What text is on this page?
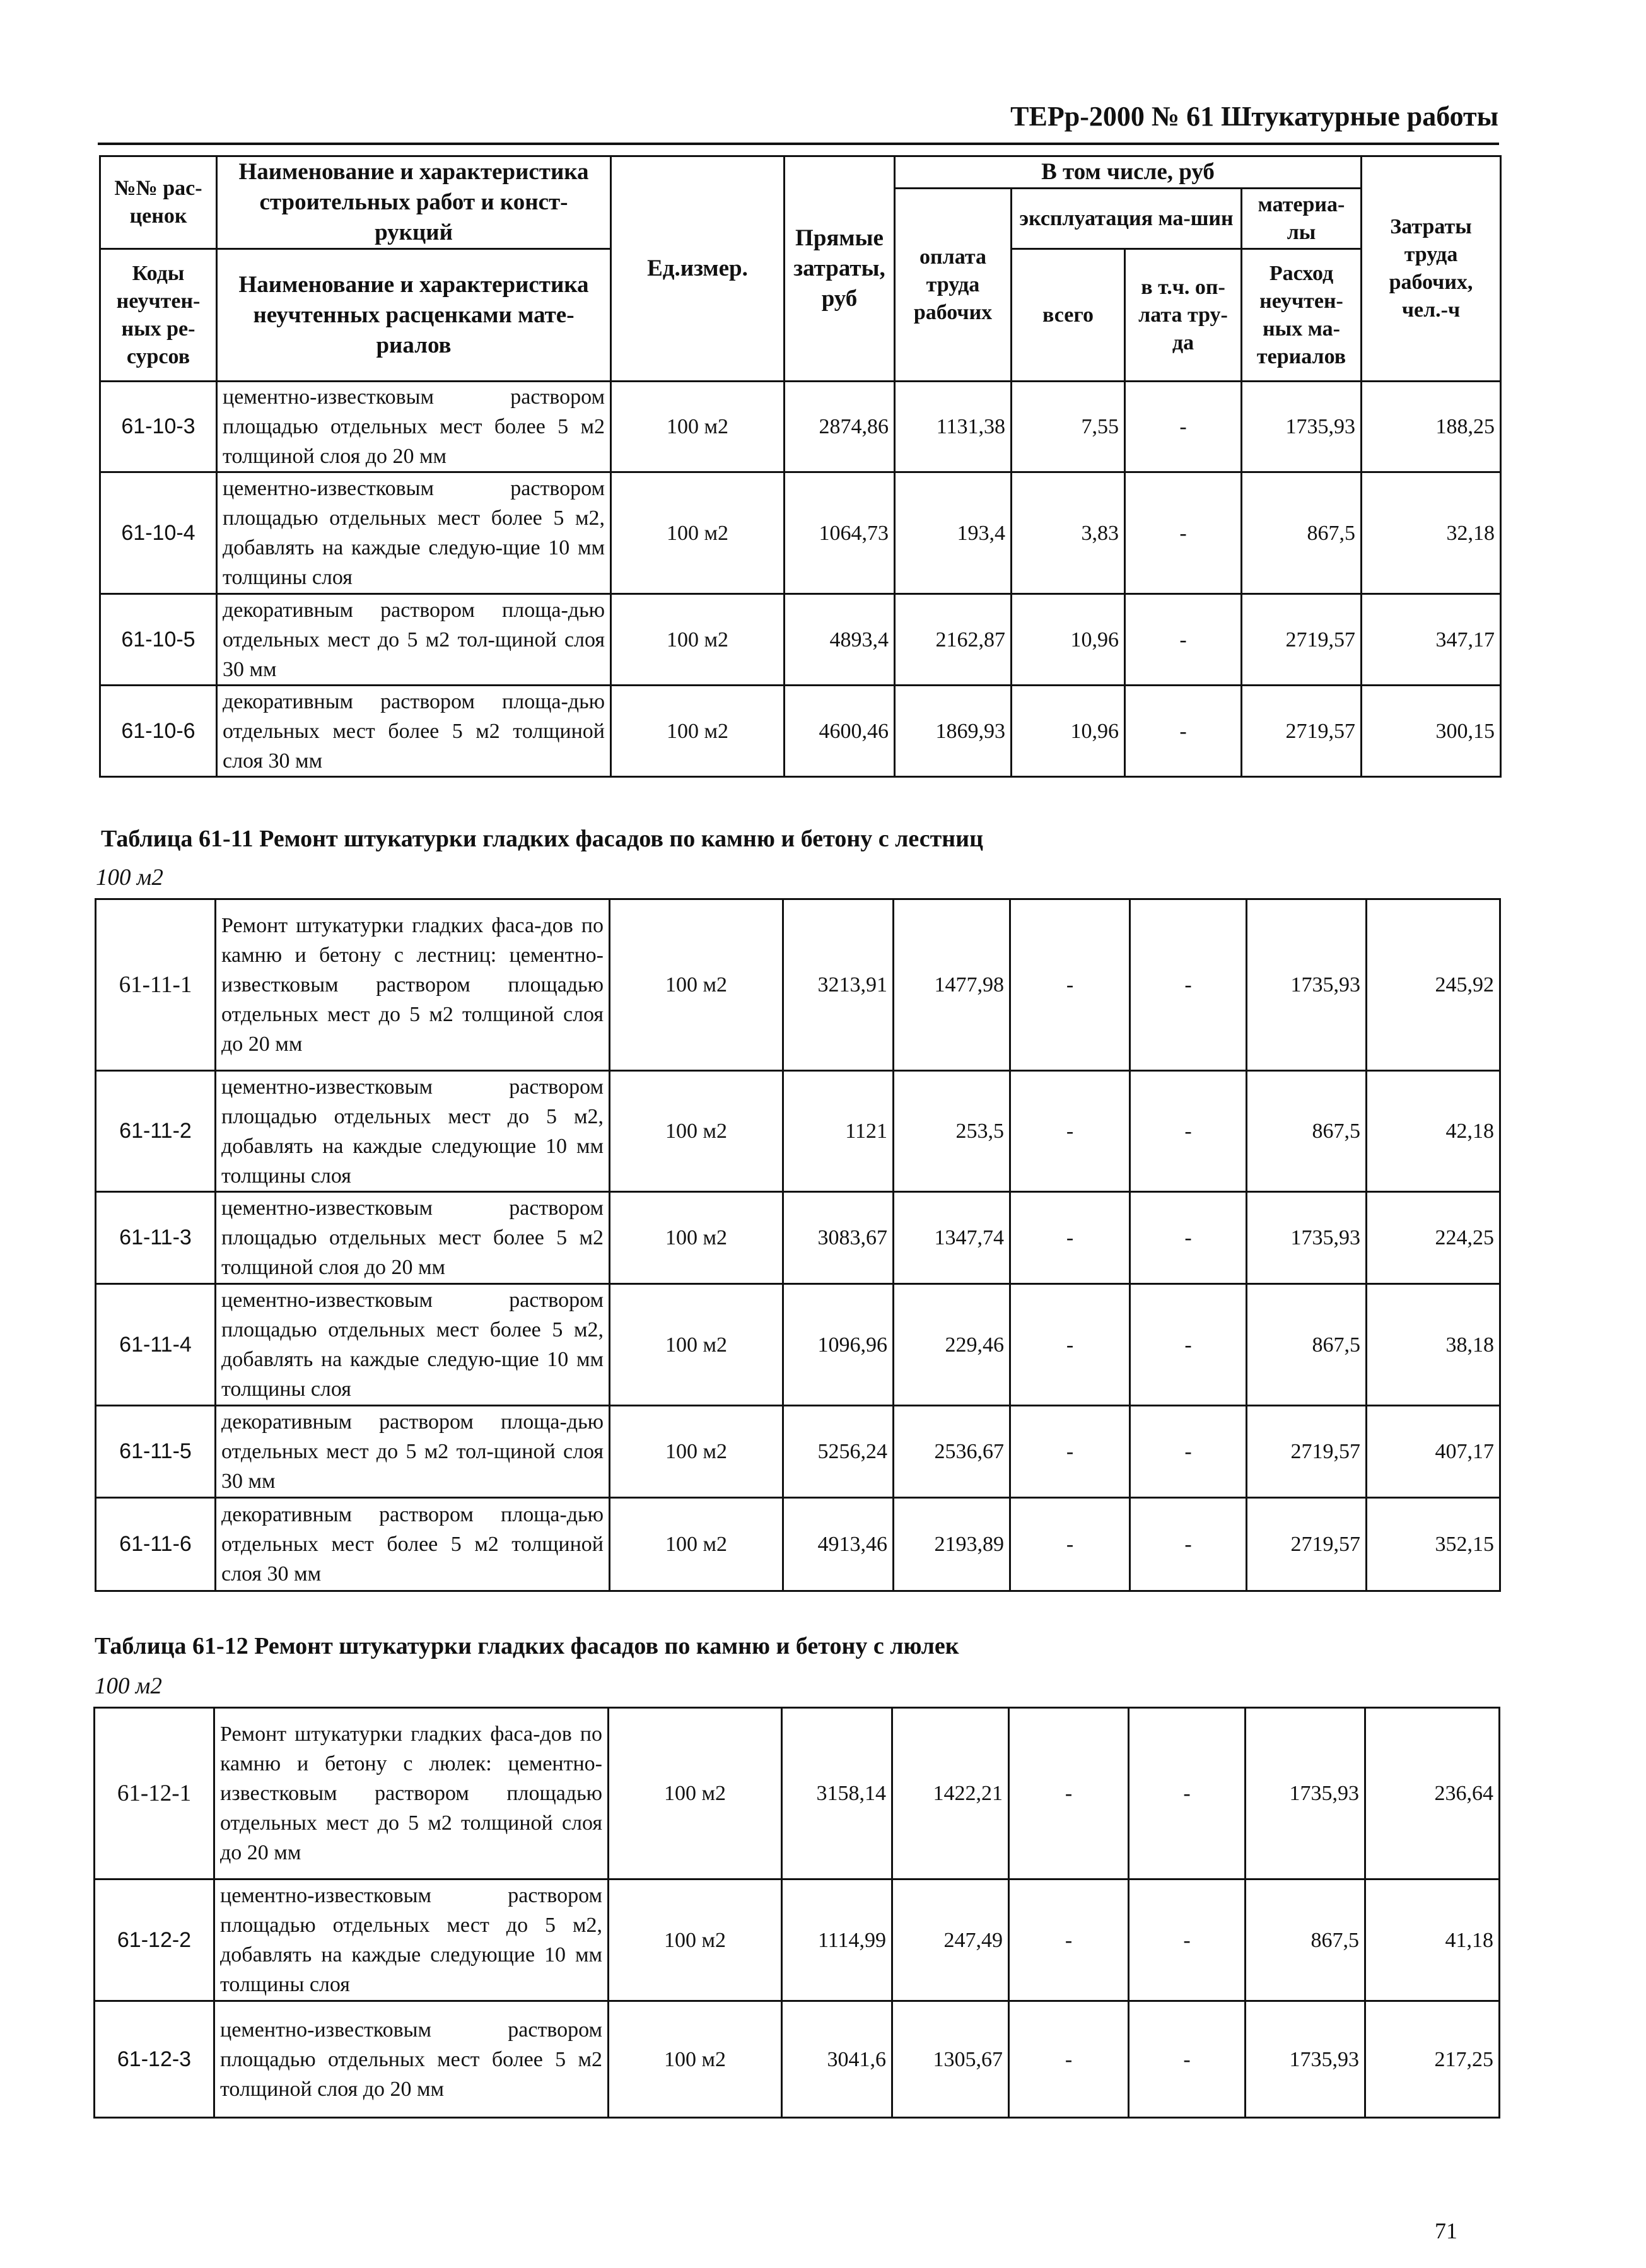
ТЕРр-2000 № 61 Штукатурные работы
№№ рас-ценок	Наименование и характеристика строительных работ и конст-рукций	Ед.измер.	Прямые затраты, руб	В том числе, руб				Затраты труда рабочих, чел.-ч
				оплата труда рабочих	эксплуатация ма-шин		материа-лы	

Коды неучтен-ных ре-сурсов	Наименование и характеристика неучтенных расценками мате-риалов				всего	в т.ч. оп-лата тру-да	Расход неучтен-ных ма-териалов	

61-10-3	цементно-известковым раствором площадью отдельных мест более 5 м2 толщиной слоя до 20 мм	100 м2	2874,86	1131,38	7,55	-	1735,93	188,25
61-10-4	цементно-известковым раствором площадью отдельных мест более 5 м2, добавлять на каждые следую-щие 10 мм толщины слоя	100 м2	1064,73	193,4	3,83	-	867,5	32,18
61-10-5	декоративным раствором площа-дью отдельных мест до 5 м2 тол-щиной слоя 30 мм	100 м2	4893,4	2162,87	10,96	-	2719,57	347,17
61-10-6	декоративным раствором площа-дью отдельных мест более 5 м2 толщиной слоя 30 мм	100 м2	4600,46	1869,93	10,96	-	2719,57	300,15
Таблица 61-11 Ремонт штукатурки гладких фасадов по камню и бетону с лестниц
100 м2
61-11-1	Ремонт штукатурки гладких фаса-дов по камню и бетону с лестниц: цементно-известковым раствором площадью отдельных мест до 5 м2 толщиной слоя до 20 мм	100 м2	3213,91	1477,98	-	-	1735,93	245,92
61-11-2	цементно-известковым раствором площадью отдельных мест до 5 м2, добавлять на каждые следующие 10 мм толщины слоя	100 м2	1121	253,5	-	-	867,5	42,18
61-11-3	цементно-известковым раствором площадью отдельных мест более 5 м2 толщиной слоя до 20 мм	100 м2	3083,67	1347,74	-	-	1735,93	224,25
61-11-4	цементно-известковым раствором площадью отдельных мест более 5 м2, добавлять на каждые следую-щие 10 мм толщины слоя	100 м2	1096,96	229,46	-	-	867,5	38,18
61-11-5	декоративным раствором площа-дью отдельных мест до 5 м2 тол-щиной слоя 30 мм	100 м2	5256,24	2536,67	-	-	2719,57	407,17
61-11-6	декоративным раствором площа-дью отдельных мест более 5 м2 толщиной слоя 30 мм	100 м2	4913,46	2193,89	-	-	2719,57	352,15
Таблица 61-12 Ремонт штукатурки гладких фасадов по камню и бетону с люлек
100 м2
61-12-1	Ремонт штукатурки гладких фаса-дов по камню и бетону с люлек: цементно-известковым раствором площадью отдельных мест до 5 м2 толщиной слоя до 20 мм	100 м2	3158,14	1422,21	-	-	1735,93	236,64
61-12-2	цементно-известковым раствором площадью отдельных мест до 5 м2, добавлять на каждые следующие 10 мм толщины слоя	100 м2	1114,99	247,49	-	-	867,5	41,18
61-12-3	цементно-известковым раствором площадью отдельных мест более 5 м2 толщиной слоя до 20 мм	100 м2	3041,6	1305,67	-	-	1735,93	217,25
71
